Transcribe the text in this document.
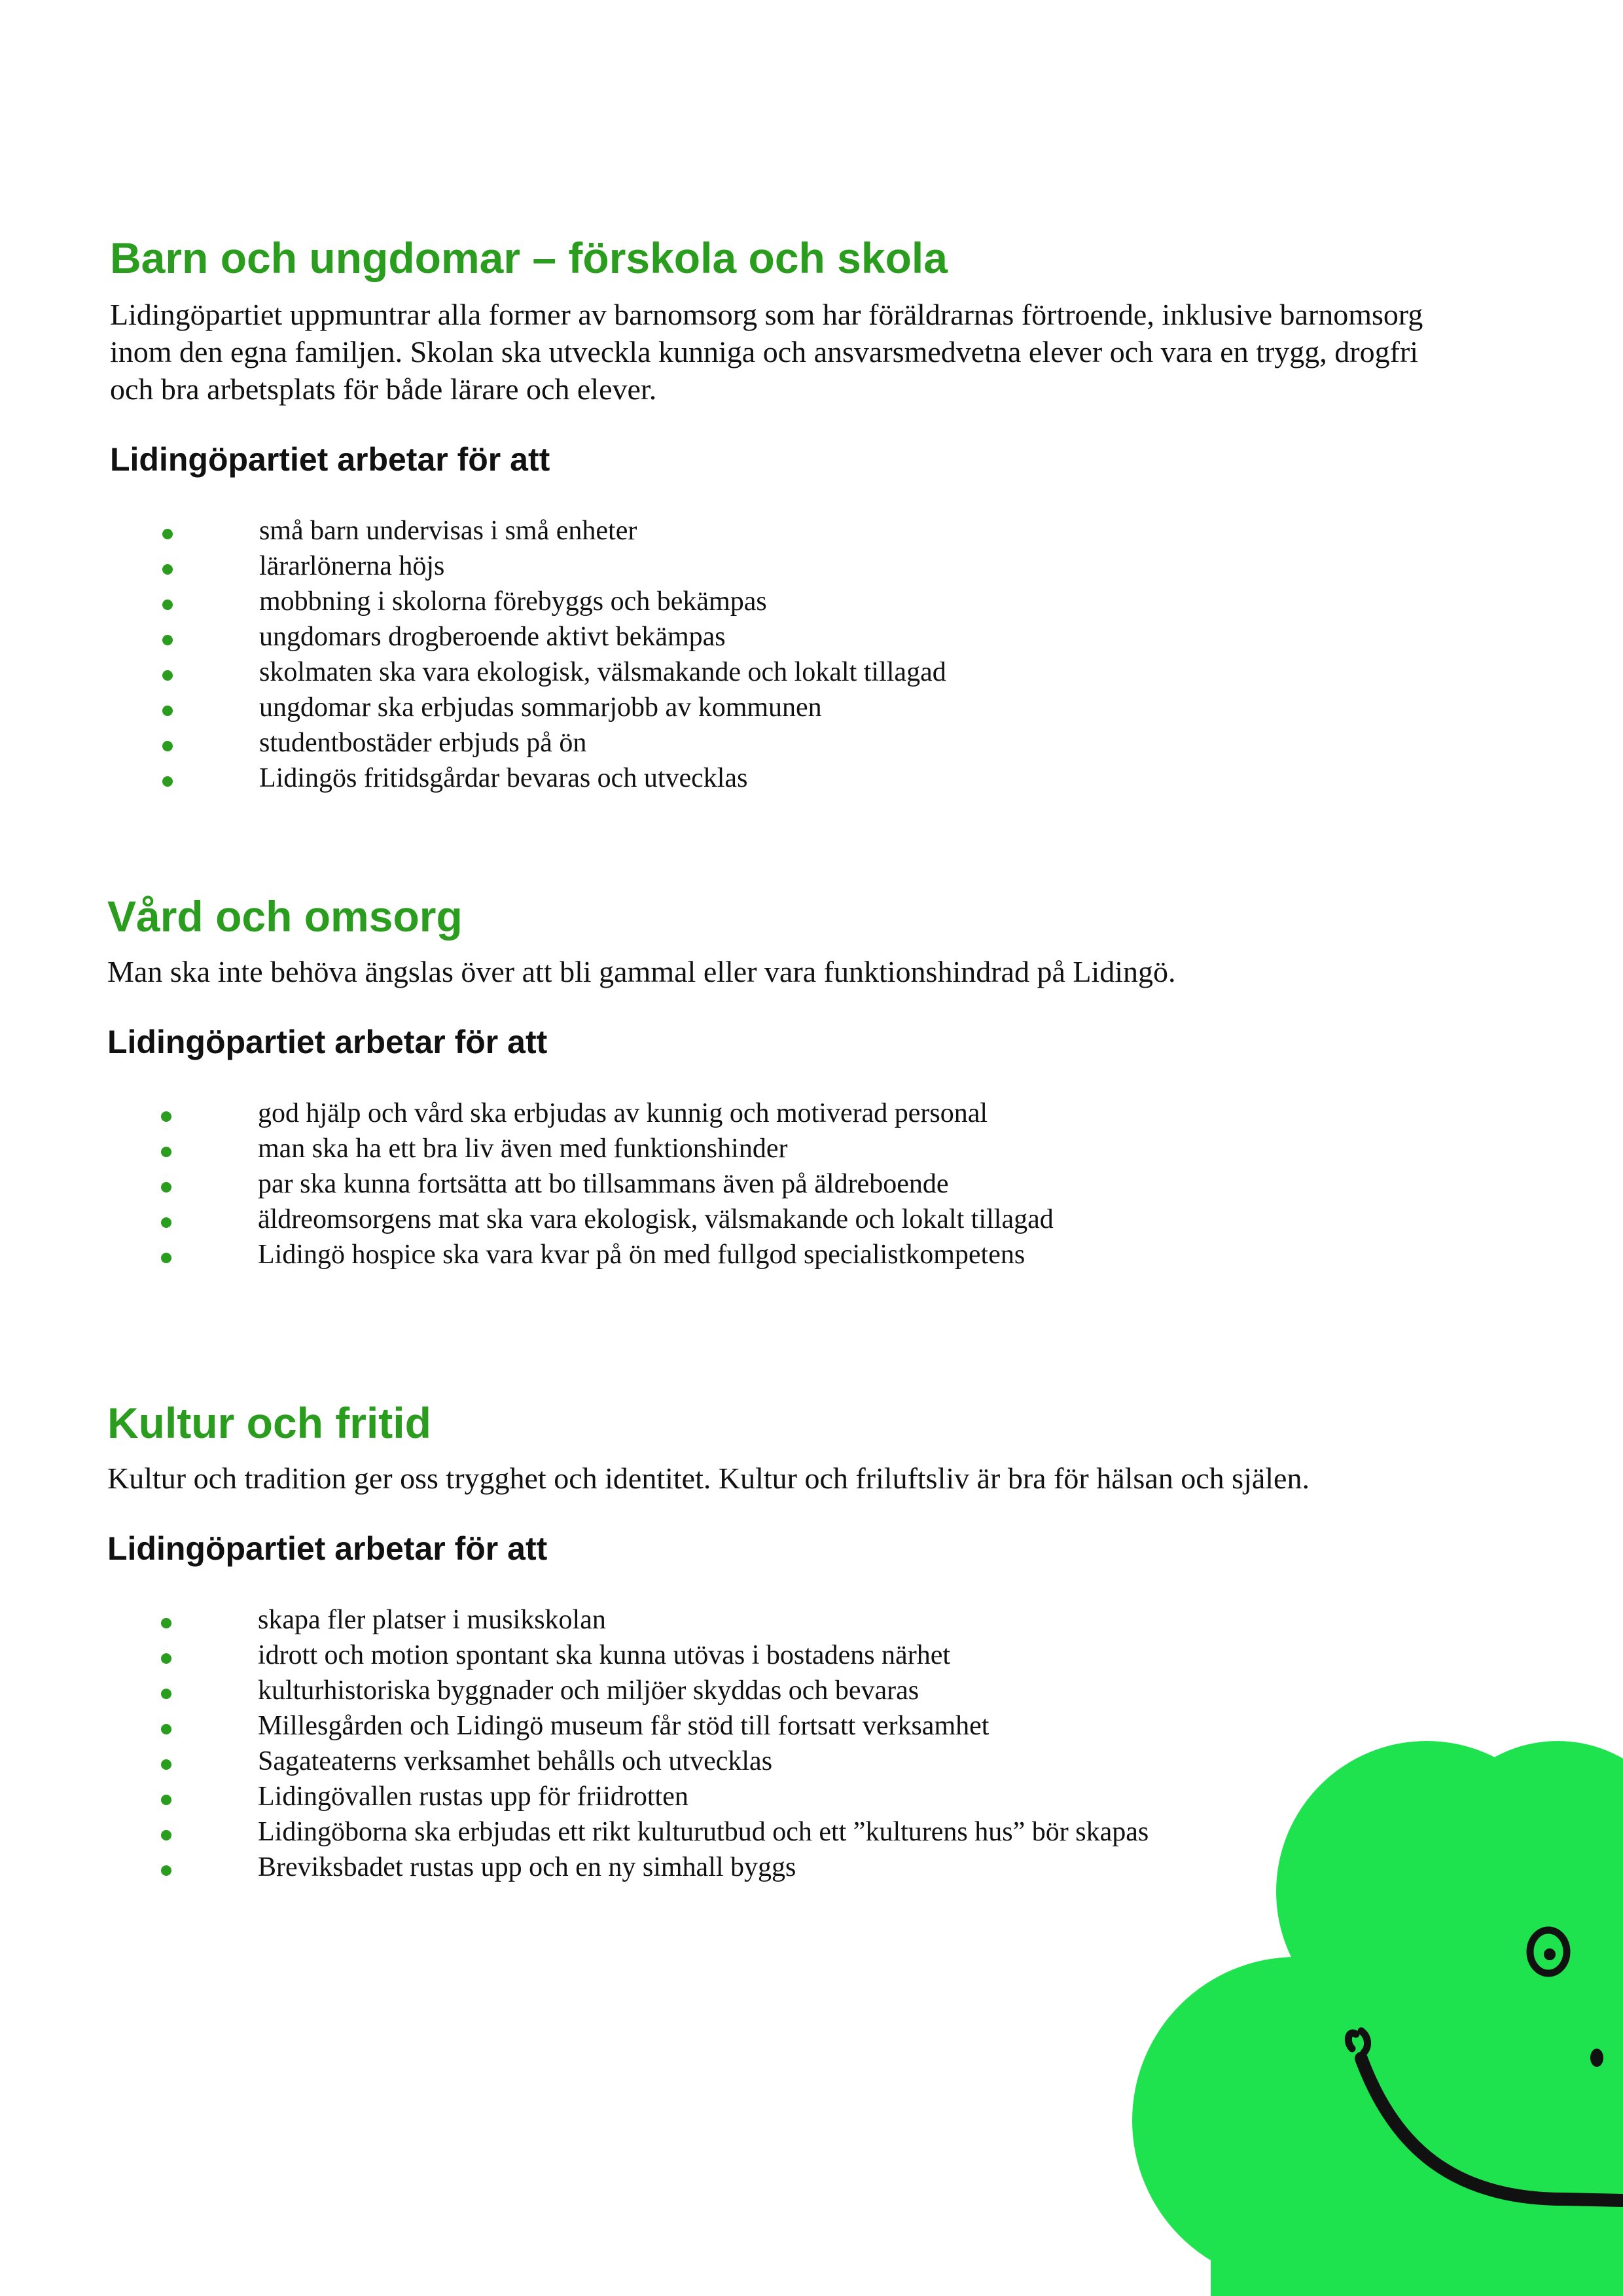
Barn och ungdomar – förskola och skola

Lidingöpartiet uppmuntrar alla former av barnomsorg som har föräldrarnas förtroende, inklusive barnomsorg

inom den egna familjen. Skolan ska utveckla kunniga och ansvarsmedvetna elever och vara en trygg, drogfri

och bra arbetsplats för både lärare och elever.

Lidingöpartiet arbetar för att
små barn undervisas i små enheter
lärarlönerna höjs
mobbning i skolorna förebyggs och bekämpas
ungdomars drogberoende aktivt bekämpas
skolmaten ska vara ekologisk, välsmakande och lokalt tillagad
ungdomar ska erbjudas sommarjobb av kommunen
studentbostäder erbjuds på ön
Lidingös fritidsgårdar bevaras och utvecklas
Vård och omsorg

Man ska inte behöva ängslas över att bli gammal eller vara funktionshindrad på Lidingö.

Lidingöpartiet arbetar för att
god hjälp och vård ska erbjudas av kunnig och motiverad personal
man ska ha ett bra liv även med funktionshinder
par ska kunna fortsätta att bo tillsammans även på äldreboende
äldreomsorgens mat ska vara ekologisk, välsmakande och lokalt tillagad
Lidingö hospice ska vara kvar på ön med fullgod specialistkompetens
Kultur och fritid

Kultur och tradition ger oss trygghet och identitet. Kultur och friluftsliv är bra för hälsan och själen.

Lidingöpartiet arbetar för att
skapa fler platser i musikskolan
idrott och motion spontant ska kunna utövas i bostadens närhet
kulturhistoriska byggnader och miljöer skyddas och bevaras
Millesgården och Lidingö museum får stöd till fortsatt verksamhet
Sagateaterns verksamhet behålls och utvecklas
Lidingövallen rustas upp för friidrotten
Lidingöborna ska erbjudas ett rikt kulturutbud och ett ”kulturens hus” bör skapas
Breviksbadet rustas upp och en ny simhall byggs
